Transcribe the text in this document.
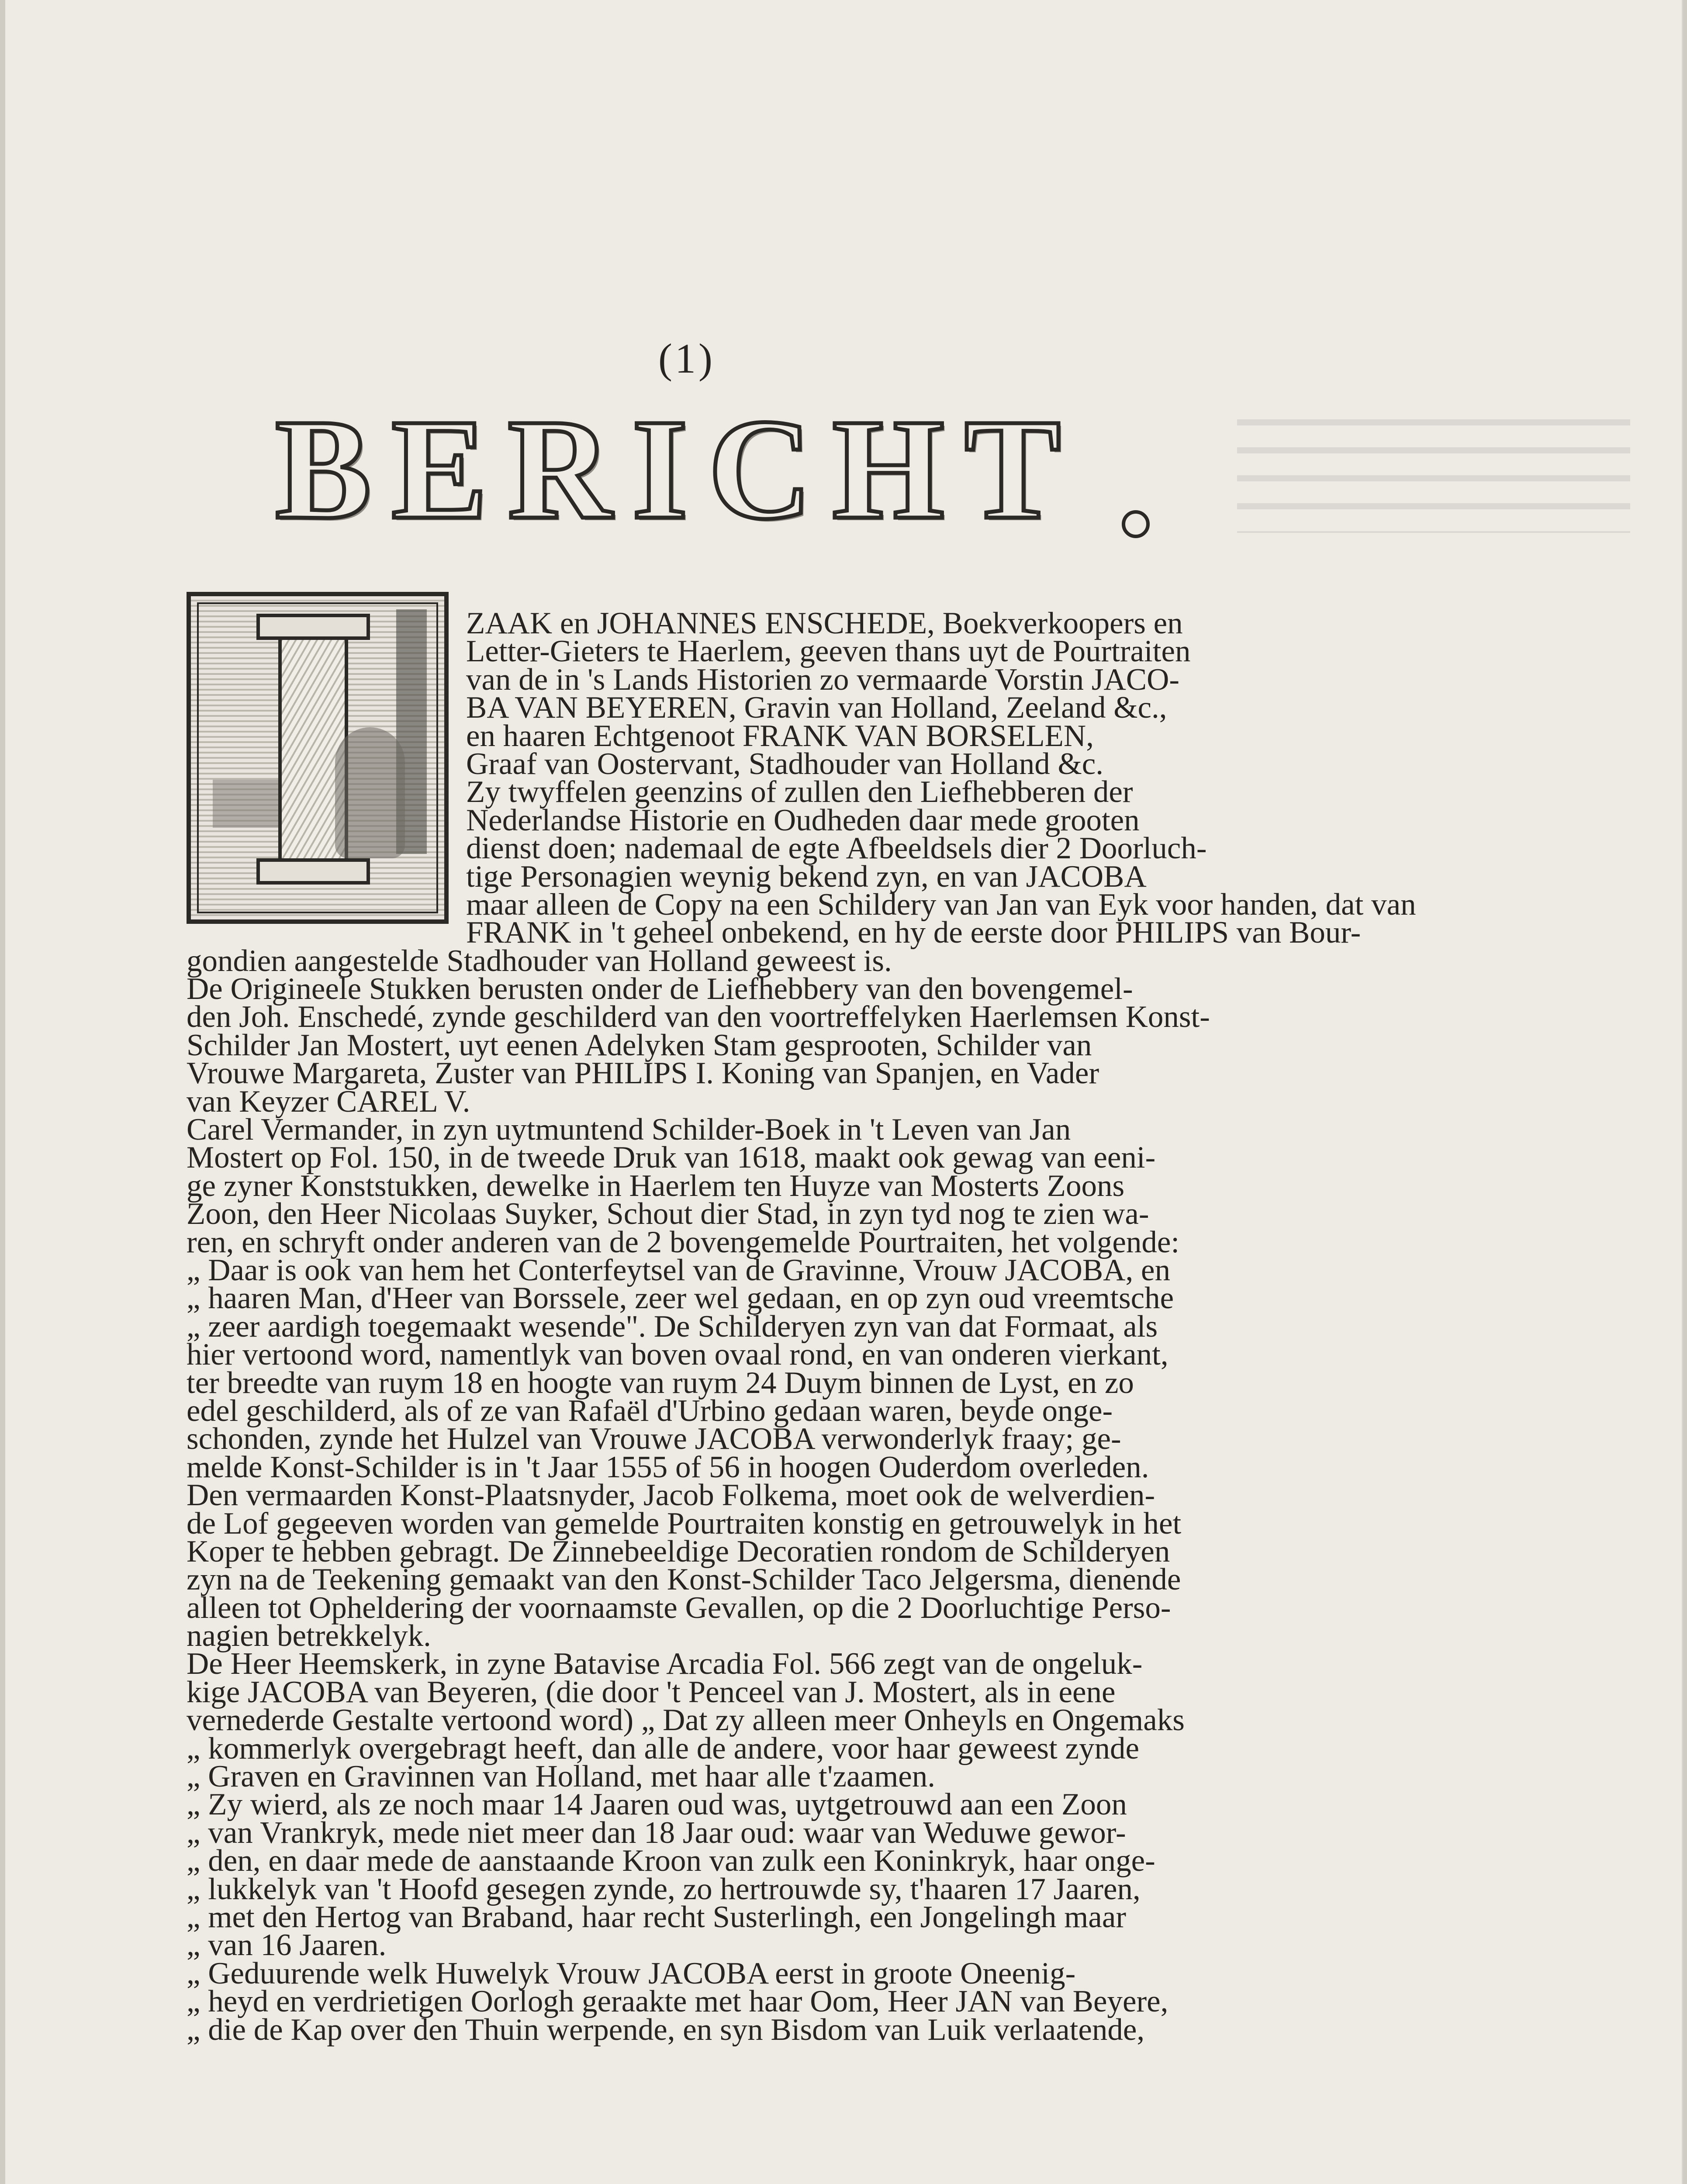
(1)
BERICHT
ZAAK en JOHANNES ENSCHEDE, Boekverkoopers en
Letter-Gieters te Haerlem, geeven thans uyt de Pourtraiten
van de in 's Lands Historien zo vermaarde Vorstin JACO-
BA VAN BEYEREN, Gravin van Holland, Zeeland &c.,
en haaren Echtgenoot FRANK VAN BORSELEN,
Graaf van Oostervant, Stadhouder van Holland &c.
Zy twyffelen geenzins of zullen den Liefhebberen der
Nederlandse Historie en Oudheden daar mede grooten
dienst doen; nademaal de egte Afbeeldsels dier 2 Doorluch-
tige Personagien weynig bekend zyn, en van JACOBA
maar alleen de Copy na een Schildery van Jan van Eyk voor handen, dat van
FRANK in 't geheel onbekend, en hy de eerste door PHILIPS van Bour-
gondien aangestelde Stadhouder van Holland geweest is.
De Origineele Stukken berusten onder de Liefhebbery van den bovengemel-
den Joh. Enschedé, zynde geschilderd van den voortreffelyken Haerlemsen Konst-
Schilder Jan Mostert, uyt eenen Adelyken Stam gesprooten, Schilder van
Vrouwe Margareta, Zuster van PHILIPS I. Koning van Spanjen, en Vader
van Keyzer CAREL V.
Carel Vermander, in zyn uytmuntend Schilder-Boek in 't Leven van Jan
Mostert op Fol. 150, in de tweede Druk van 1618, maakt ook gewag van eeni-
ge zyner Konststukken, dewelke in Haerlem ten Huyze van Mosterts Zoons
Zoon, den Heer Nicolaas Suyker, Schout dier Stad, in zyn tyd nog te zien wa-
ren, en schryft onder anderen van de 2 bovengemelde Pourtraiten, het volgende:
„ Daar is ook van hem het Conterfeytsel van de Gravinne, Vrouw JACOBA, en
„ haaren Man, d'Heer van Borssele, zeer wel gedaan, en op zyn oud vreemtsche
„ zeer aardigh toegemaakt wesende". De Schilderyen zyn van dat Formaat, als
hier vertoond word, namentlyk van boven ovaal rond, en van onderen vierkant,
ter breedte van ruym 18 en hoogte van ruym 24 Duym binnen de Lyst, en zo
edel geschilderd, als of ze van Rafaël d'Urbino gedaan waren, beyde onge-
schonden, zynde het Hulzel van Vrouwe JACOBA verwonderlyk fraay; ge-
melde Konst-Schilder is in 't Jaar 1555 of 56 in hoogen Ouderdom overleden.
Den vermaarden Konst-Plaatsnyder, Jacob Folkema, moet ook de welverdien-
de Lof gegeeven worden van gemelde Pourtraiten konstig en getrouwelyk in het
Koper te hebben gebragt. De Zinnebeeldige Decoratien rondom de Schilderyen
zyn na de Teekening gemaakt van den Konst-Schilder Taco Jelgersma, dienende
alleen tot Opheldering der voornaamste Gevallen, op die 2 Doorluchtige Perso-
nagien betrekkelyk.
De Heer Heemskerk, in zyne Batavise Arcadia Fol. 566 zegt van de ongeluk-
kige JACOBA van Beyeren, (die door 't Penceel van J. Mostert, als in eene
vernederde Gestalte vertoond word) „ Dat zy alleen meer Onheyls en Ongemaks
„ kommerlyk overgebragt heeft, dan alle de andere, voor haar geweest zynde
„ Graven en Gravinnen van Holland, met haar alle t'zaamen.
„ Zy wierd, als ze noch maar 14 Jaaren oud was, uytgetrouwd aan een Zoon
„ van Vrankryk, mede niet meer dan 18 Jaar oud: waar van Weduwe gewor-
„ den, en daar mede de aanstaande Kroon van zulk een Koninkryk, haar onge-
„ lukkelyk van 't Hoofd gesegen zynde, zo hertrouwde sy, t'haaren 17 Jaaren,
„ met den Hertog van Braband, haar recht Susterlingh, een Jongelingh maar
„ van 16 Jaaren.
„ Geduurende welk Huwelyk Vrouw JACOBA eerst in groote Oneenig-
„ heyd en verdrietigen Oorlogh geraakte met haar Oom, Heer JAN van Beyere,
„ die de Kap over den Thuin werpende, en syn Bisdom van Luik verlaatende,
